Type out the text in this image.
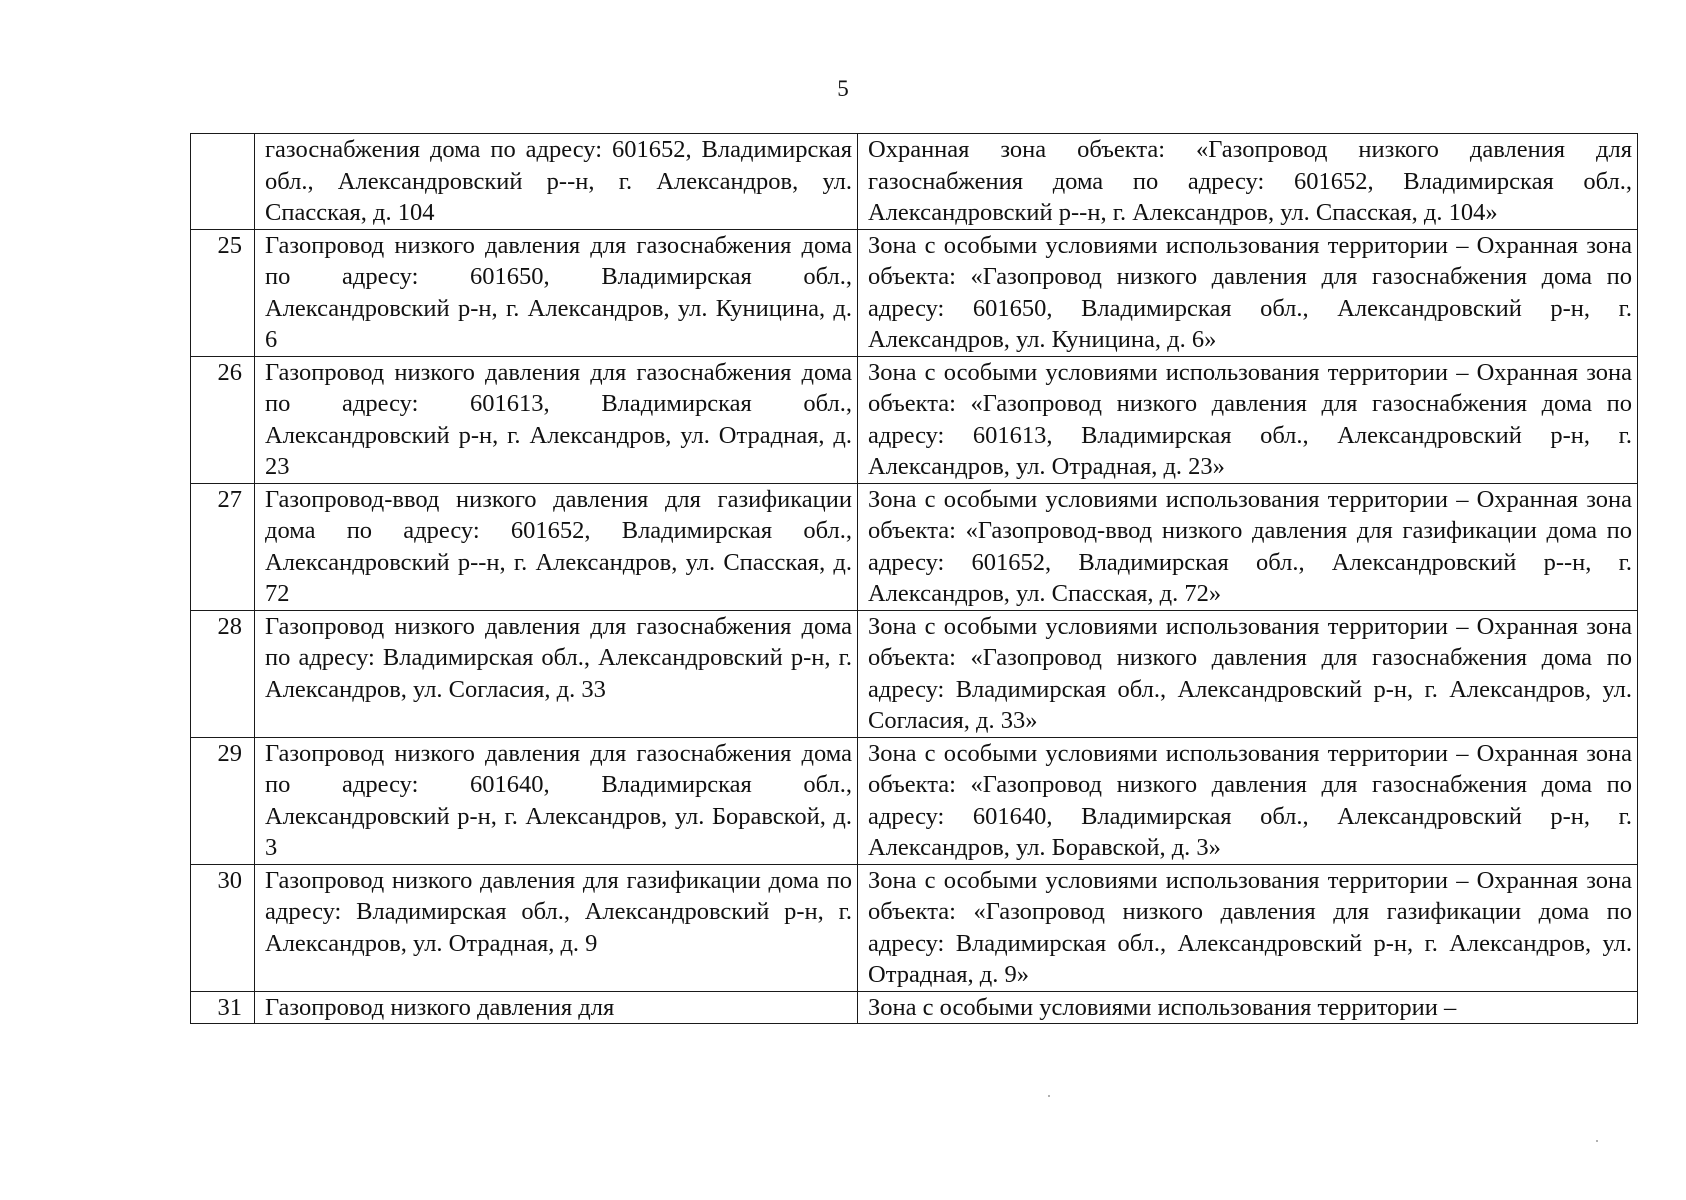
5
	газоснабжения дома по адресу: 601652, Владимирская обл., Александровский р--н, г. Александров, ул. Спасская, д. 104	Охранная зона объекта: «Газопровод низкого давления для газоснабжения дома по адресу: 601652, Владимирская обл., Александровский р--н, г. Александров, ул. Спасская, д. 104»
25	Газопровод низкого давления для газоснабжения дома по адресу: 601650, Владимирская обл., Александровский р-н, г. Александров, ул. Куницина, д. 6	Зона с особыми условиями использования территории – Охранная зона объекта: «Газопровод низкого давления для газоснабжения дома по адресу: 601650, Владимирская обл., Александровский р-н, г. Александров, ул. Куницина, д. 6»
26	Газопровод низкого давления для газоснабжения дома по адресу: 601613, Владимирская обл., Александровский р-н, г. Александров, ул. Отрадная, д. 23	Зона с особыми условиями использования территории – Охранная зона объекта: «Газопровод низкого давления для газоснабжения дома по адресу: 601613, Владимирская обл., Александровский р-н, г. Александров, ул. Отрадная, д. 23»
27	Газопровод-ввод низкого давления для газификации дома по адресу: 601652, Владимирская обл., Александровский р--н, г. Александров, ул. Спасская, д. 72	Зона с особыми условиями использования территории – Охранная зона объекта: «Газопровод-ввод низкого давления для газификации дома по адресу: 601652, Владимирская обл., Александровский р--н, г. Александров, ул. Спасская, д. 72»
28	Газопровод низкого давления для газоснабжения дома по адресу: Владимирская обл., Александровский р-н, г. Александров, ул. Согласия, д. 33	Зона с особыми условиями использования территории – Охранная зона объекта: «Газопровод низкого давления для газоснабжения дома по адресу: Владимирская обл., Александровский р-н, г. Александров, ул. Согласия, д. 33»
29	Газопровод низкого давления для газоснабжения дома по адресу: 601640, Владимирская обл., Александровский р-н, г. Александров, ул. Боравской, д. 3	Зона с особыми условиями использования территории – Охранная зона объекта: «Газопровод низкого давления для газоснабжения дома по адресу: 601640, Владимирская обл., Александровский р-н, г. Александров, ул. Боравской, д. 3»
30	Газопровод низкого давления для газификации дома по адресу: Владимирская обл., Александровский р-н, г. Александров, ул. Отрадная, д. 9	Зона с особыми условиями использования территории – Охранная зона объекта: «Газопровод низкого давления для газификации дома по адресу: Владимирская обл., Александровский р-н, г. Александров, ул. Отрадная, д. 9»
31	Газопровод низкого давления для	Зона с особыми условиями использования территории –
